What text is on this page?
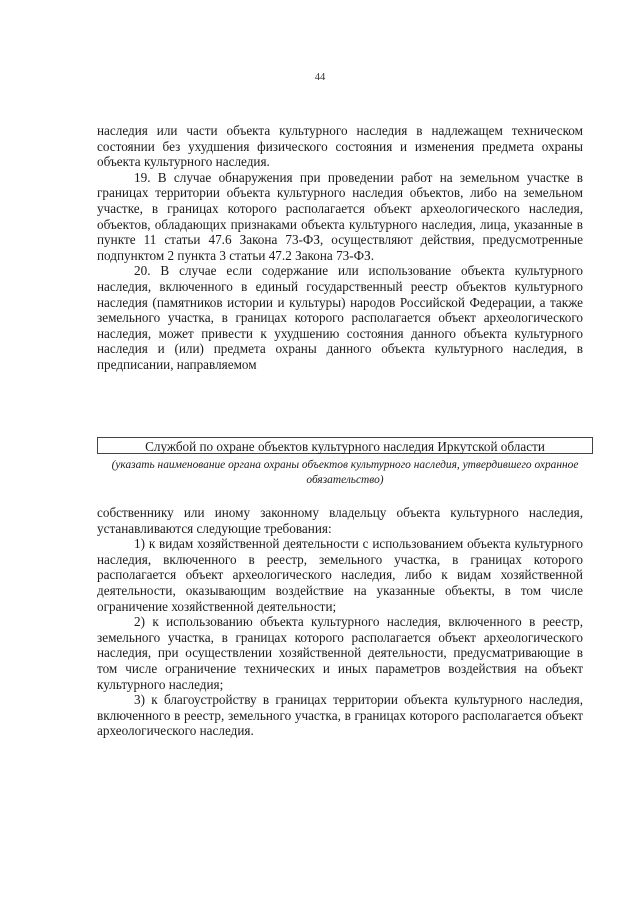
44

наследия или части объекта культурного наследия в надлежащем техническом состоянии без ухудшения физического состояния и изменения предмета охраны объекта культурного наследия.

19. В случае обнаружения при проведении работ на земельном участке в границах территории объекта культурного наследия объектов, либо на земельном участке, в границах которого располагается объект археологического наследия, объектов, обладающих признаками объекта культурного наследия, лица, указанные в пункте 11 статьи 47.6 Закона 73-ФЗ, осуществляют действия, предусмотренные подпунктом 2 пункта 3 статьи 47.2 Закона 73-ФЗ.

20. В случае если содержание или использование объекта культурного наследия, включенного в единый государственный реестр объектов культурного наследия (памятников истории и культуры) народов Российской Федерации, а также земельного участка, в границах которого располагается объект археологического наследия, может привести к ухудшению состояния данного объекта культурного наследия и (или) предмета охраны данного объекта культурного наследия, в предписании, направляемом

Службой по охране объектов культурного наследия Иркутской области
(указать наименование органа охраны объектов культурного наследия, утвердившего охранное обязательство)

собственнику или иному законному владельцу объекта культурного наследия, устанавливаются следующие требования:

1) к видам хозяйственной деятельности с использованием объекта культурного наследия, включенного в реестр, земельного участка, в границах которого располагается объект археологического наследия, либо к видам хозяйственной деятельности, оказывающим воздействие на указанные объекты, в том числе ограничение хозяйственной деятельности;

2) к использованию объекта культурного наследия, включенного в реестр, земельного участка, в границах которого располагается объект археологического наследия, при осуществлении хозяйственной деятельности, предусматривающие в том числе ограничение технических и иных параметров воздействия на объект культурного наследия;

3) к благоустройству в границах территории объекта культурного наследия, включенного в реестр, земельного участка, в границах которого располагается объект археологического наследия.
